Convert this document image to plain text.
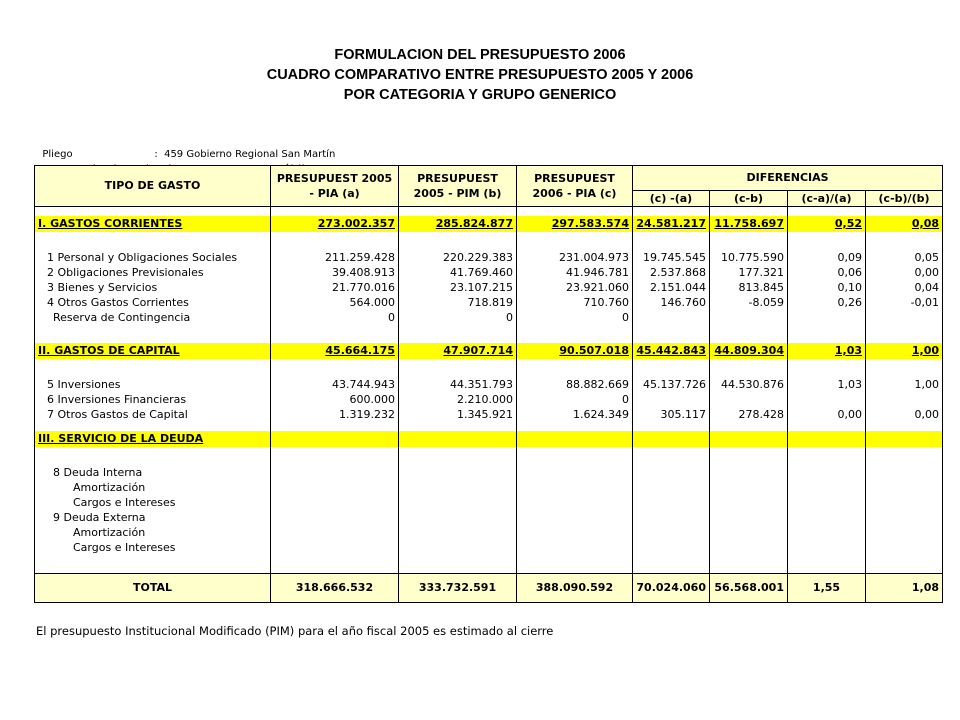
FORMULACION DEL PRESUPUESTO 2006
CUADRO COMPARATIVO ENTRE PRESUPUESTO 2005 Y 2006
POR CATEGORIA Y GRUPO GENERICO

Pliego	:  459 Gobierno Regional San Martín

TIPO DE GASTO	PRESUPUEST 2005 - PIA (a)	PRESUPUEST 2005 - PIM (b)	PRESUPUEST 2006 - PIA (c)	DIFERENCIAS			
				(c) -(a)	(c-b)	(c-a)/(a)	(c-b)/(b)

I. GASTOS CORRIENTES	273.002.357	285.824.877	297.583.574	24.581.217	11.758.697	0,52	0,08

1 Personal y Obligaciones Sociales	211.259.428	220.229.383	231.004.973	19.745.545	10.775.590	0,09	0,05
2 Obligaciones Previsionales	39.408.913	41.769.460	41.946.781	2.537.868	177.321	0,06	0,00
3 Bienes y Servicios	21.770.016	23.107.215	23.921.060	2.151.044	813.845	0,10	0,04
4 Otros Gastos Corrientes	564.000	718.819	710.760	146.760	-8.059	0,26	-0,01
Reserva de Contingencia	0	0	0				

II. GASTOS DE CAPITAL	45.664.175	47.907.714	90.507.018	45.442.843	44.809.304	1,03	1,00

5 Inversiones	43.744.943	44.351.793	88.882.669	45.137.726	44.530.876	1,03	1,00
6 Inversiones Financieras	600.000	2.210.000	0				
7 Otros Gastos de Capital	1.319.232	1.345.921	1.624.349	305.117	278.428	0,00	0,00

III. SERVICIO DE LA DEUDA							

8 Deuda Interna							
Amortización							
Cargos e Intereses							
9 Deuda Externa							
Amortización							
Cargos e Intereses							

TOTAL	318.666.532	333.732.591	388.090.592	70.024.060	56.568.001	1,55	1,08
El presupuesto Institucional Modificado (PIM) para el año fiscal 2005 es estimado al cierre
